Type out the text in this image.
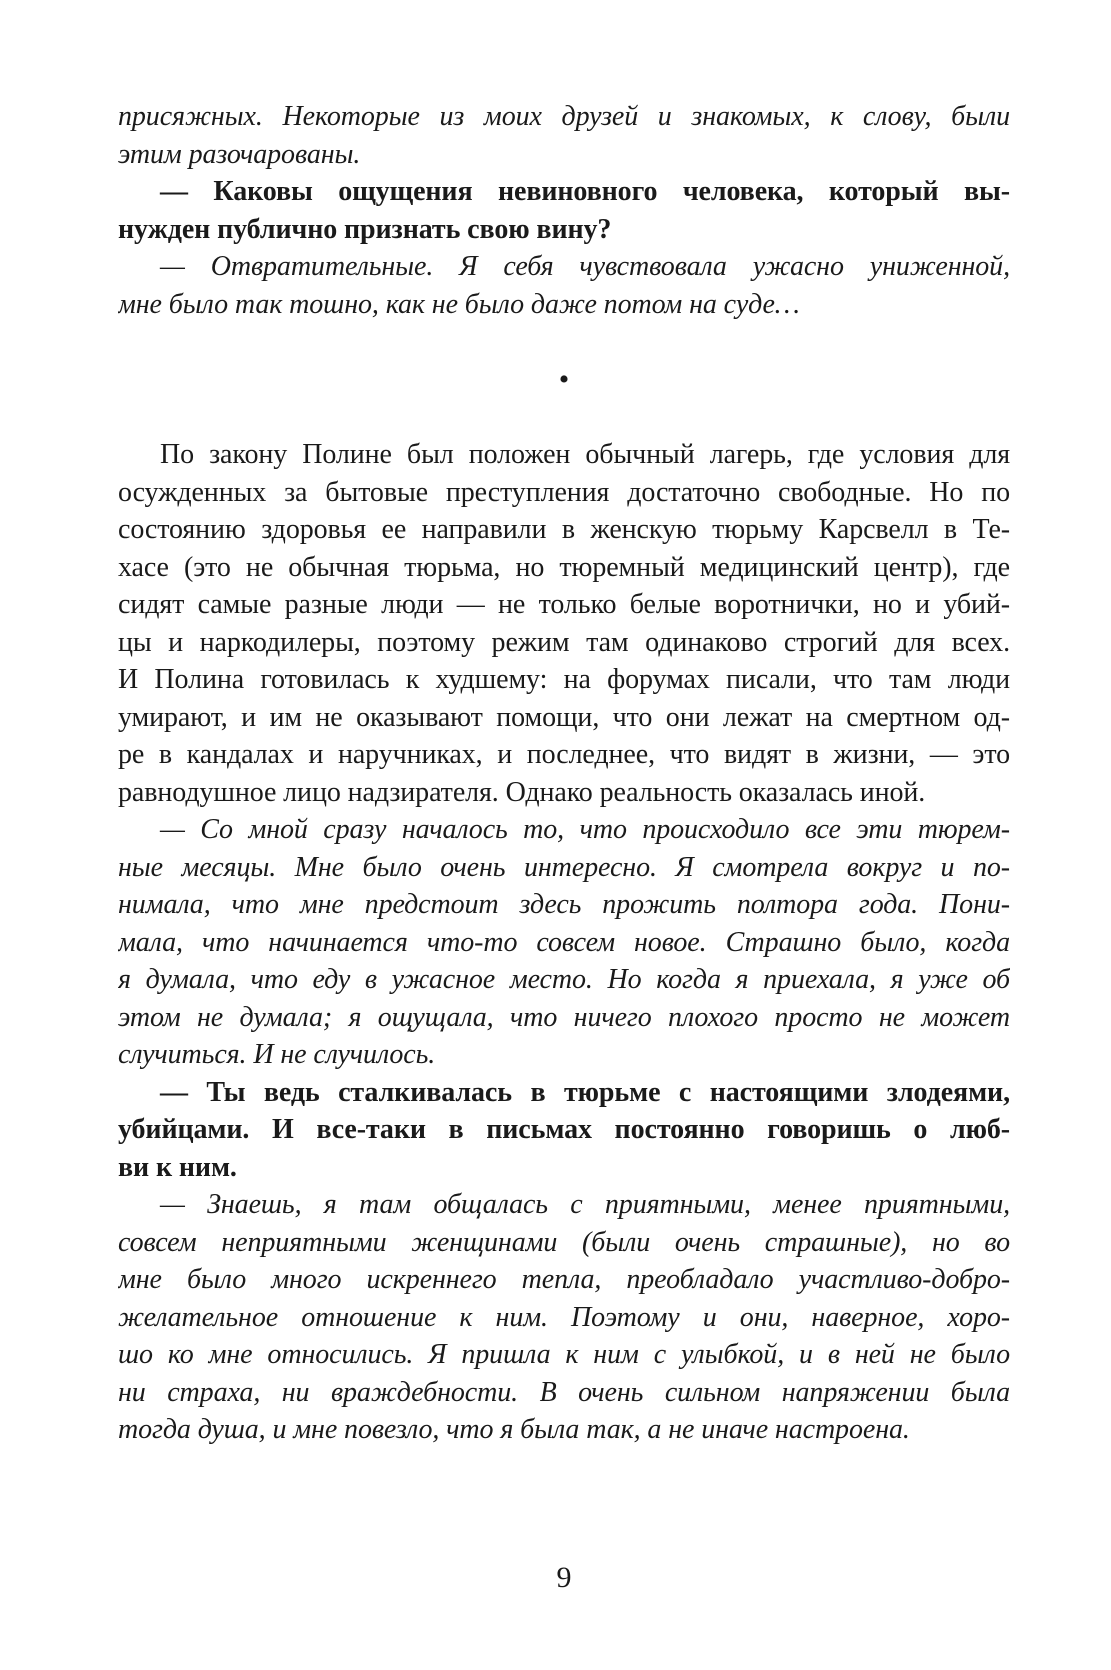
присяжных. Некоторые из моих друзей и знакомых, к слову, были
этим разочарованы.
— Каковы ощущения невиновного человека, который вы-
нужден публично признать свою вину?
— Отвратительные. Я себя чувствовала ужасно униженной,
мне было так тошно, как не было даже потом на суде…
•
По закону Полине был положен обычный лагерь, где условия для
осужденных за бытовые преступления достаточно свободные. Но по
состоянию здоровья ее направили в женскую тюрьму Карсвелл в Те-
хасе (это не обычная тюрьма, но тюремный медицинский центр), где
сидят самые разные люди — не только белые воротнички, но и убий-
цы и наркодилеры, поэтому режим там одинаково строгий для всех.
И Полина готовилась к худшему: на форумах писали, что там люди
умирают, и им не оказывают помощи, что они лежат на смертном од-
ре в кандалах и наручниках, и последнее, что видят в жизни, — это
равнодушное лицо надзирателя. Однако реальность оказалась иной.
— Со мной сразу началось то, что происходило все эти тюрем-
ные месяцы. Мне было очень интересно. Я смотрела вокруг и по-
нимала, что мне предстоит здесь прожить полтора года. Пони-
мала, что начинается что-то совсем новое. Страшно было, когда
я думала, что еду в ужасное место. Но когда я приехала, я уже об
этом не думала; я ощущала, что ничего плохого просто не может
случиться. И не случилось.
— Ты ведь сталкивалась в тюрьме с настоящими злодеями,
убийцами. И все-таки в письмах постоянно говоришь о люб-
ви к ним.
— Знаешь, я там общалась с приятными, менее приятными,
совсем неприятными женщинами (были очень страшные), но во
мне было много искреннего тепла, преобладало участливо-добро-
желательное отношение к ним. Поэтому и они, наверное, хоро-
шо ко мне относились. Я пришла к ним с улыбкой, и в ней не было
ни страха, ни враждебности. В очень сильном напряжении была
тогда душа, и мне повезло, что я была так, а не иначе настроена.
9
